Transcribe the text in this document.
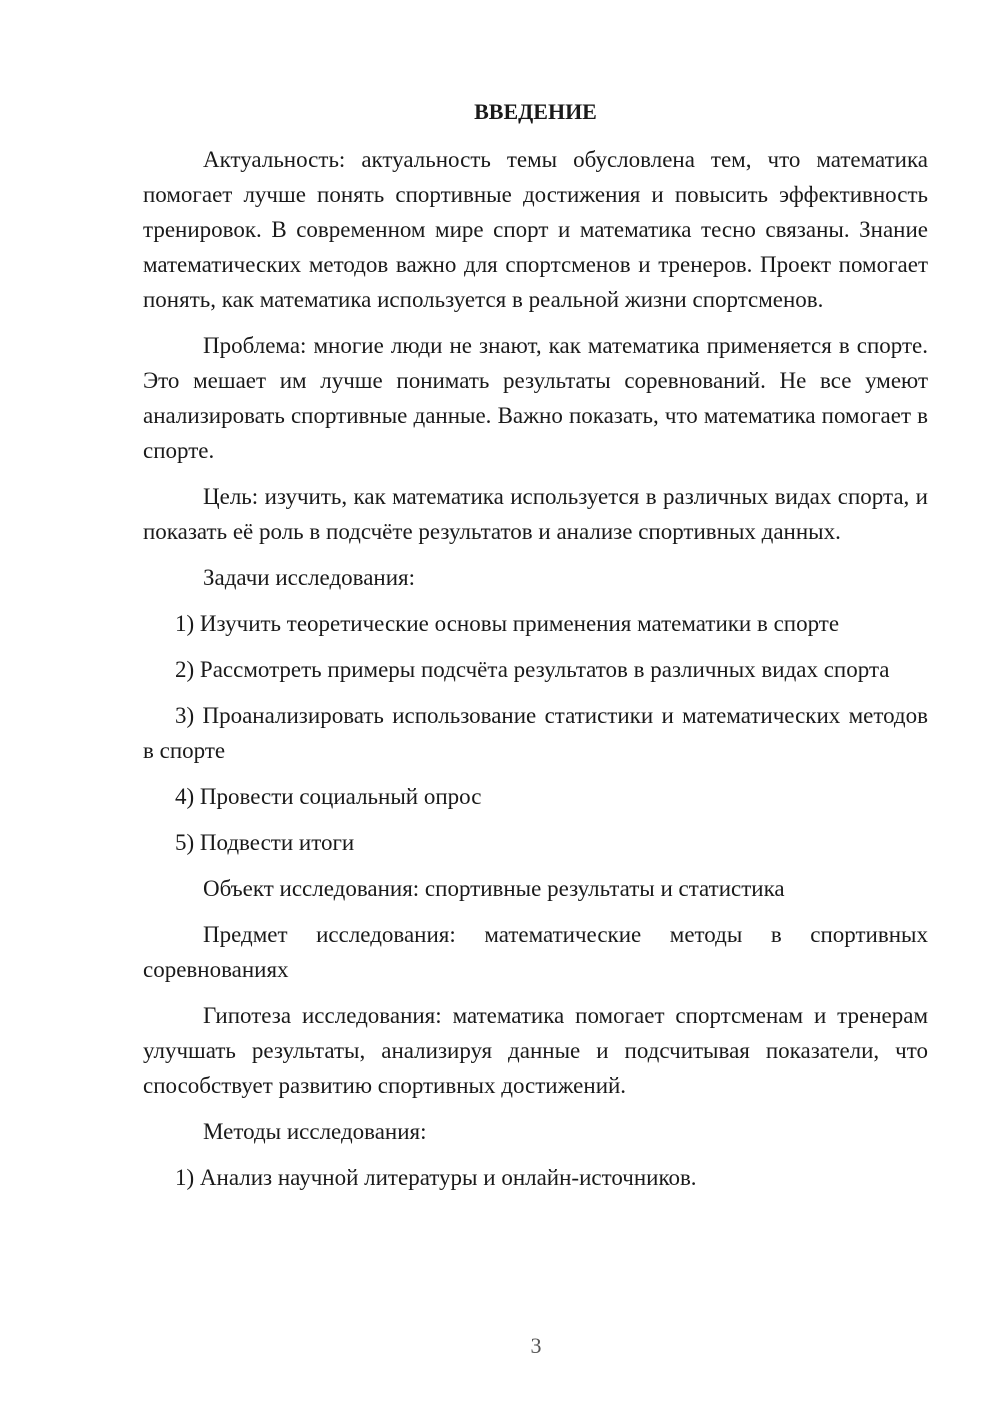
ВВЕДЕНИЕ
Актуальность: актуальность темы обусловлена тем, что математика помогает лучше понять спортивные достижения и повысить эффективность тренировок. В современном мире спорт и математика тесно связаны. Знание математических методов важно для спортсменов и тренеров. Проект помогает понять, как математика используется в реальной жизни спортсменов.
Проблема: многие люди не знают, как математика применяется в спорте. Это мешает им лучше понимать результаты соревнований. Не все умеют анализировать спортивные данные. Важно показать, что математика помогает в спорте.
Цель: изучить, как математика используется в различных видах спорта, и показать её роль в подсчёте результатов и анализе спортивных данных.
Задачи исследования:
1) Изучить теоретические основы применения математики в спорте
2) Рассмотреть примеры подсчёта результатов в различных видах спорта
3) Проанализировать использование статистики и математических методов в спорте
4) Провести социальный опрос
5) Подвести итоги
Объект исследования: спортивные результаты и статистика
Предмет исследования: математические методы в спортивных соревнованиях
Гипотеза исследования: математика помогает спортсменам и тренерам улучшать результаты, анализируя данные и подсчитывая показатели, что способствует развитию спортивных достижений.
Методы исследования:
1) Анализ научной литературы и онлайн-источников.
3
